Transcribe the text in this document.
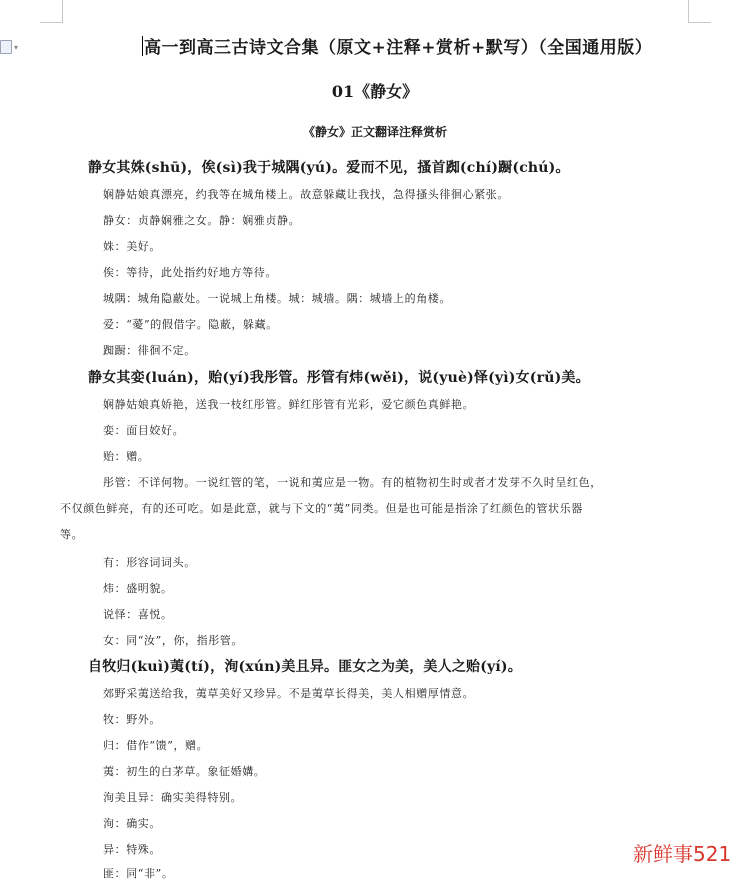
▾	高一到高三古诗文合集（原文+注释+赏析+默写）（全国通用版）
01《静女》
《静女》正文翻译注释赏析
静女其姝(shū)，俟(sì)我于城隅(yú)。爱而不见，搔首踟(chí)蹰(chú)。
娴静姑娘真漂亮，约我等在城角楼上。故意躲藏让我找，急得搔头徘徊心紧张。
静女：贞静娴雅之女。静：娴雅贞静。
姝：美好。
俟：等待，此处指约好地方等待。
城隅：城角隐蔽处。一说城上角楼。城：城墙。隅：城墙上的角楼。
爱：“薆”的假借字。隐蔽，躲藏。
踟蹰：徘徊不定。
静女其娈(luán)，贻(yí)我彤管。彤管有炜(wěi)，说(yuè)怿(yì)女(rǔ)美。
娴静姑娘真娇艳，送我一枝红彤管。鲜红彤管有光彩，爱它颜色真鲜艳。
娈：面目姣好。
贻：赠。
彤管：不详何物。一说红管的笔，一说和荑应是一物。有的植物初生时或者才发芽不久时呈红色，
不仅颜色鲜亮，有的还可吃。如是此意，就与下文的“荑”同类。但是也可能是指涂了红颜色的管状乐器
等。
有：形容词词头。
炜：盛明貌。
说怿：喜悦。
女：同“汝”，你，指彤管。
自牧归(kuì)荑(tí)，洵(xún)美且异。匪女之为美，美人之贻(yí)。
郊野采荑送给我，荑草美好又珍异。不是荑草长得美，美人相赠厚情意。
牧：野外。
归：借作“馈”，赠。
荑：初生的白茅草。象征婚媾。
洵美且异：确实美得特别。
洵：确实。
异：特殊。
匪：同“非”。
新鲜事521
